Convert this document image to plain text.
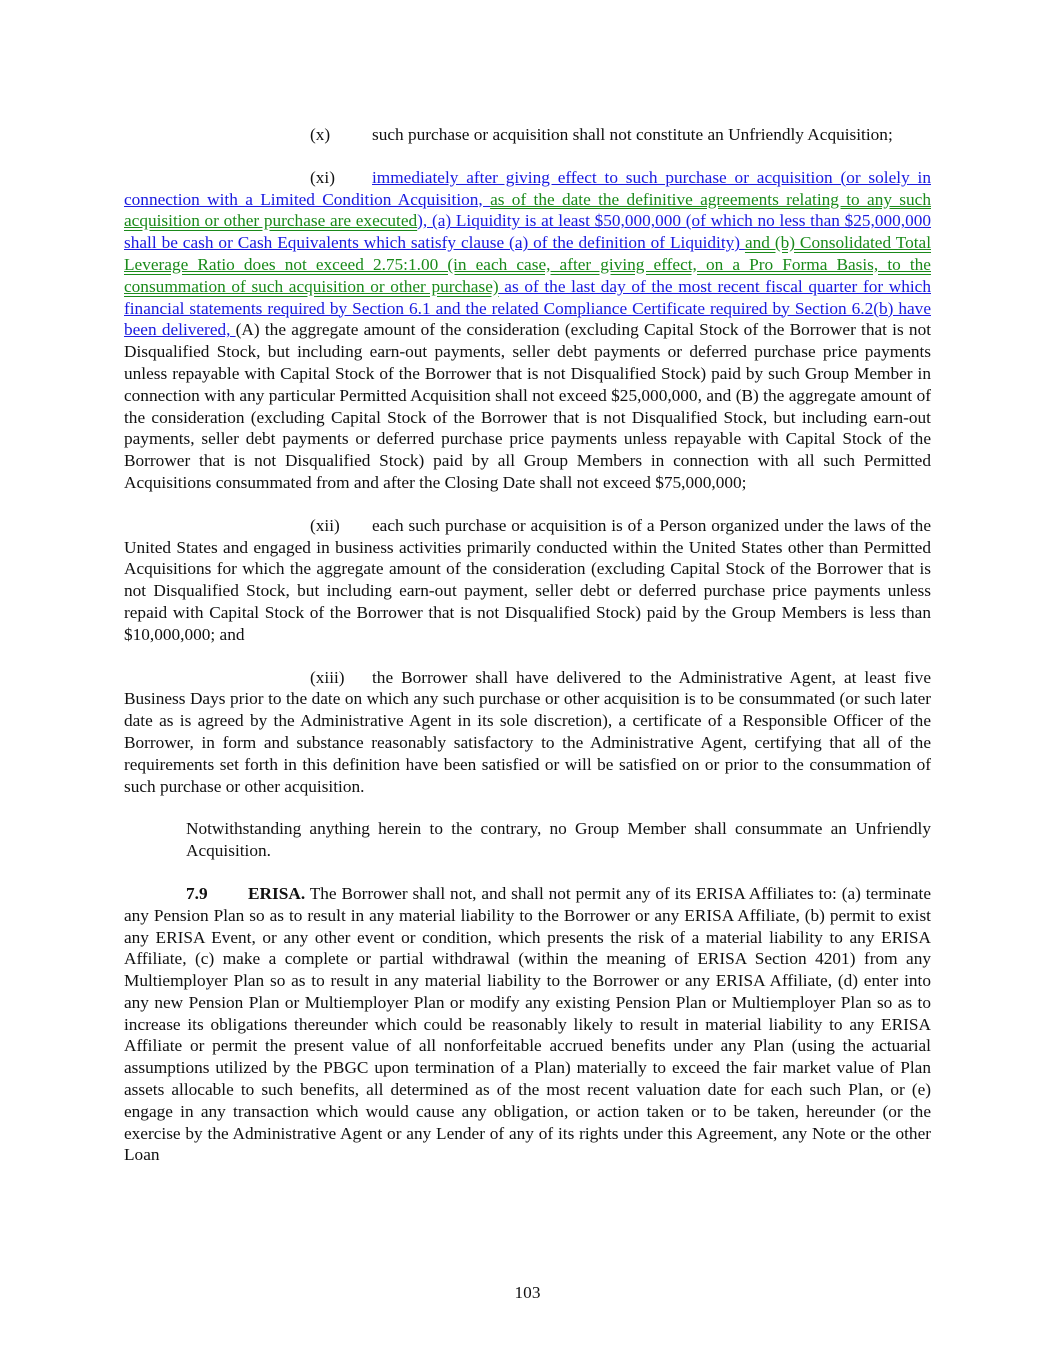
(x) such purchase or acquisition shall not constitute an Unfriendly Acquisition;

(xi) immediately after giving effect to such purchase or acquisition (or solely in connection with a Limited Condition Acquisition, as of the date the definitive agreements relating to any such acquisition or other purchase are executed), (a) Liquidity is at least $50,000,000 (of which no less than $25,000,000 shall be cash or Cash Equivalents which satisfy clause (a) of the definition of Liquidity) and (b) Consolidated Total Leverage Ratio does not exceed 2.75:1.00 (in each case, after giving effect, on a Pro Forma Basis, to the consummation of such acquisition or other purchase) as of the last day of the most recent fiscal quarter for which financial statements required by Section 6.1 and the related Compliance Certificate required by Section 6.2(b) have been delivered, (A) the aggregate amount of the consideration (excluding Capital Stock of the Borrower that is not Disqualified Stock, but including earn-out payments, seller debt payments or deferred purchase price payments unless repayable with Capital Stock of the Borrower that is not Disqualified Stock) paid by such Group Member in connection with any particular Permitted Acquisition shall not exceed $25,000,000, and (B) the aggregate amount of the consideration (excluding Capital Stock of the Borrower that is not Disqualified Stock, but including earn-out payments, seller debt payments or deferred purchase price payments unless repayable with Capital Stock of the Borrower that is not Disqualified Stock) paid by all Group Members in connection with all such Permitted Acquisitions consummated from and after the Closing Date shall not exceed $75,000,000;

(xii) each such purchase or acquisition is of a Person organized under the laws of the United States and engaged in business activities primarily conducted within the United States other than Permitted Acquisitions for which the aggregate amount of the consideration (excluding Capital Stock of the Borrower that is not Disqualified Stock, but including earn-out payment, seller debt or deferred purchase price payments unless repaid with Capital Stock of the Borrower that is not Disqualified Stock) paid by the Group Members is less than $10,000,000; and

(xiii) the Borrower shall have delivered to the Administrative Agent, at least five Business Days prior to the date on which any such purchase or other acquisition is to be consummated (or such later date as is agreed by the Administrative Agent in its sole discretion), a certificate of a Responsible Officer of the Borrower, in form and substance reasonably satisfactory to the Administrative Agent, certifying that all of the requirements set forth in this definition have been satisfied or will be satisfied on or prior to the consummation of such purchase or other acquisition.

Notwithstanding anything herein to the contrary, no Group Member shall consummate an Unfriendly Acquisition.

7.9 ERISA. The Borrower shall not, and shall not permit any of its ERISA Affiliates to: (a) terminate any Pension Plan so as to result in any material liability to the Borrower or any ERISA Affiliate, (b) permit to exist any ERISA Event, or any other event or condition, which presents the risk of a material liability to any ERISA Affiliate, (c) make a complete or partial withdrawal (within the meaning of ERISA Section 4201) from any Multiemployer Plan so as to result in any material liability to the Borrower or any ERISA Affiliate, (d) enter into any new Pension Plan or Multiemployer Plan or modify any existing Pension Plan or Multiemployer Plan so as to increase its obligations thereunder which could be reasonably likely to result in material liability to any ERISA Affiliate or permit the present value of all nonforfeitable accrued benefits under any Plan (using the actuarial assumptions utilized by the PBGC upon termination of a Plan) materially to exceed the fair market value of Plan assets allocable to such benefits, all determined as of the most recent valuation date for each such Plan, or (e) engage in any transaction which would cause any obligation, or action taken or to be taken, hereunder (or the exercise by the Administrative Agent or any Lender of any of its rights under this Agreement, any Note or the other Loan

103
